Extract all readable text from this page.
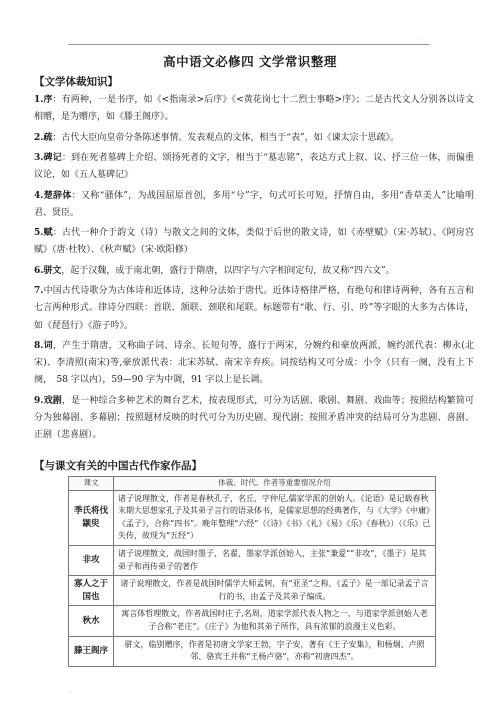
·
高中语文必修四 文学常识整理
【文学体裁知识】
1.序：有两种，一是书序，如《<指南录>后序》《<黄花岗七十二烈士事略>序》；二是古代文人分别各以诗文相赠，是为赠序，如《滕王阁序》。
2.疏：古代大臣向皇帝分条陈述事情、发表观点的文体，相当于“表”，如《谏太宗十思疏》。
3.碑记：到在死者墓碑上介绍、颂扬死者的文字，相当于“墓志铭”，表达方式上叙、议、抒三位一体，而偏重议论，如《五人墓碑记》
4.楚辞体：又称“骚体”，为战国屈原首创，多用“兮”字，句式可长可短，抒情自由，多用“香草美人”比喻明君、贤臣。
5.赋：古代一种介于韵文（诗）与散文之间的文体，类似于后世的散文诗，如《赤壁赋》（宋·苏轼）、《阿房宫赋》（唐·杜牧）、《秋声赋》（宋·欧阳修）
6.骈文，起于汉魏，成于南北朝，盛行于隋唐，以四字与六字相间定句，故又称“四六文”。
7.中国古代诗歌分为古体诗和近体诗，这种分法始于唐代。近体诗格律严格，有绝句和律诗两种，各有五言和七言两种形式。律诗分四联：首联、颔联、颈联和尾联。标题带有“歌、行、引、吟”等字眼的大多为古体诗，如《琵琶行》《游子吟》。
8.词，产生于隋唐，又称曲子词、诗余、长短句等，盛行于两宋，分婉约和豪放两派，婉约派代表：柳永(北宋)、李清照(南宋)等,豪放派代表：北宋苏轼、南宋辛弃疾。词按结构又可分成：小令（只有一阕，没有上下阕，　58 字以内），59—90 字为中调，91 字以上是长调。
9.戏剧，是一种综合多种艺术的舞台艺术，按表现形式，可分为话剧、歌剧、舞剧、戏曲等；按照结构繁简可分为独幕剧、多幕剧；按照题材反映的时代可分为历史剧、现代剧；按照矛盾冲突的结局可分为悲剧、喜剧、正剧（悲喜剧）。
【与课文有关的中国古代作家作品】
课文	体裁、时代、作者等重要情况介绍
季氏将伐颛臾	诸子说理散文，作者是春秋孔子，名丘，字仲尼,儒家学派的创始人。《论语》是记载春秋末期大思想家孔子及其弟子言行的语录体书，是儒家思想的经典著作，与《大学》《中庸》《孟子》，合称“四书”。晚年整理“六经”（《诗》《书》《礼》《易》《乐》《春秋》）（《乐》已失传，故现为“五经”）
非攻	诸子说理散文，战国时墨子，名翟，墨家学派创始人，主张“兼爱”“非攻”，《墨子》是其弟子和再传弟子的著作
寡人之于国也	诸子说理散文，作者是战国时儒学大师孟轲，有“亚圣”之称，《孟子》是一部记录孟子言行的书，由孟子及其弟子编成。
秋水	寓言体哲理散文，作者战国时庄子,名周，道家学派代表人物之一，与道家学派创始人老子合称“老庄”。《庄子》为他和其弟子所作，具有浓郁的浪漫主义色彩。
滕王阁序	骈文，临别赠序，作者是初唐文学家王勃，字子安，著有《王子安集》，和杨炯、卢照邻、骆宾王并称“王杨卢骆”，亦称“初唐四杰”。
·
